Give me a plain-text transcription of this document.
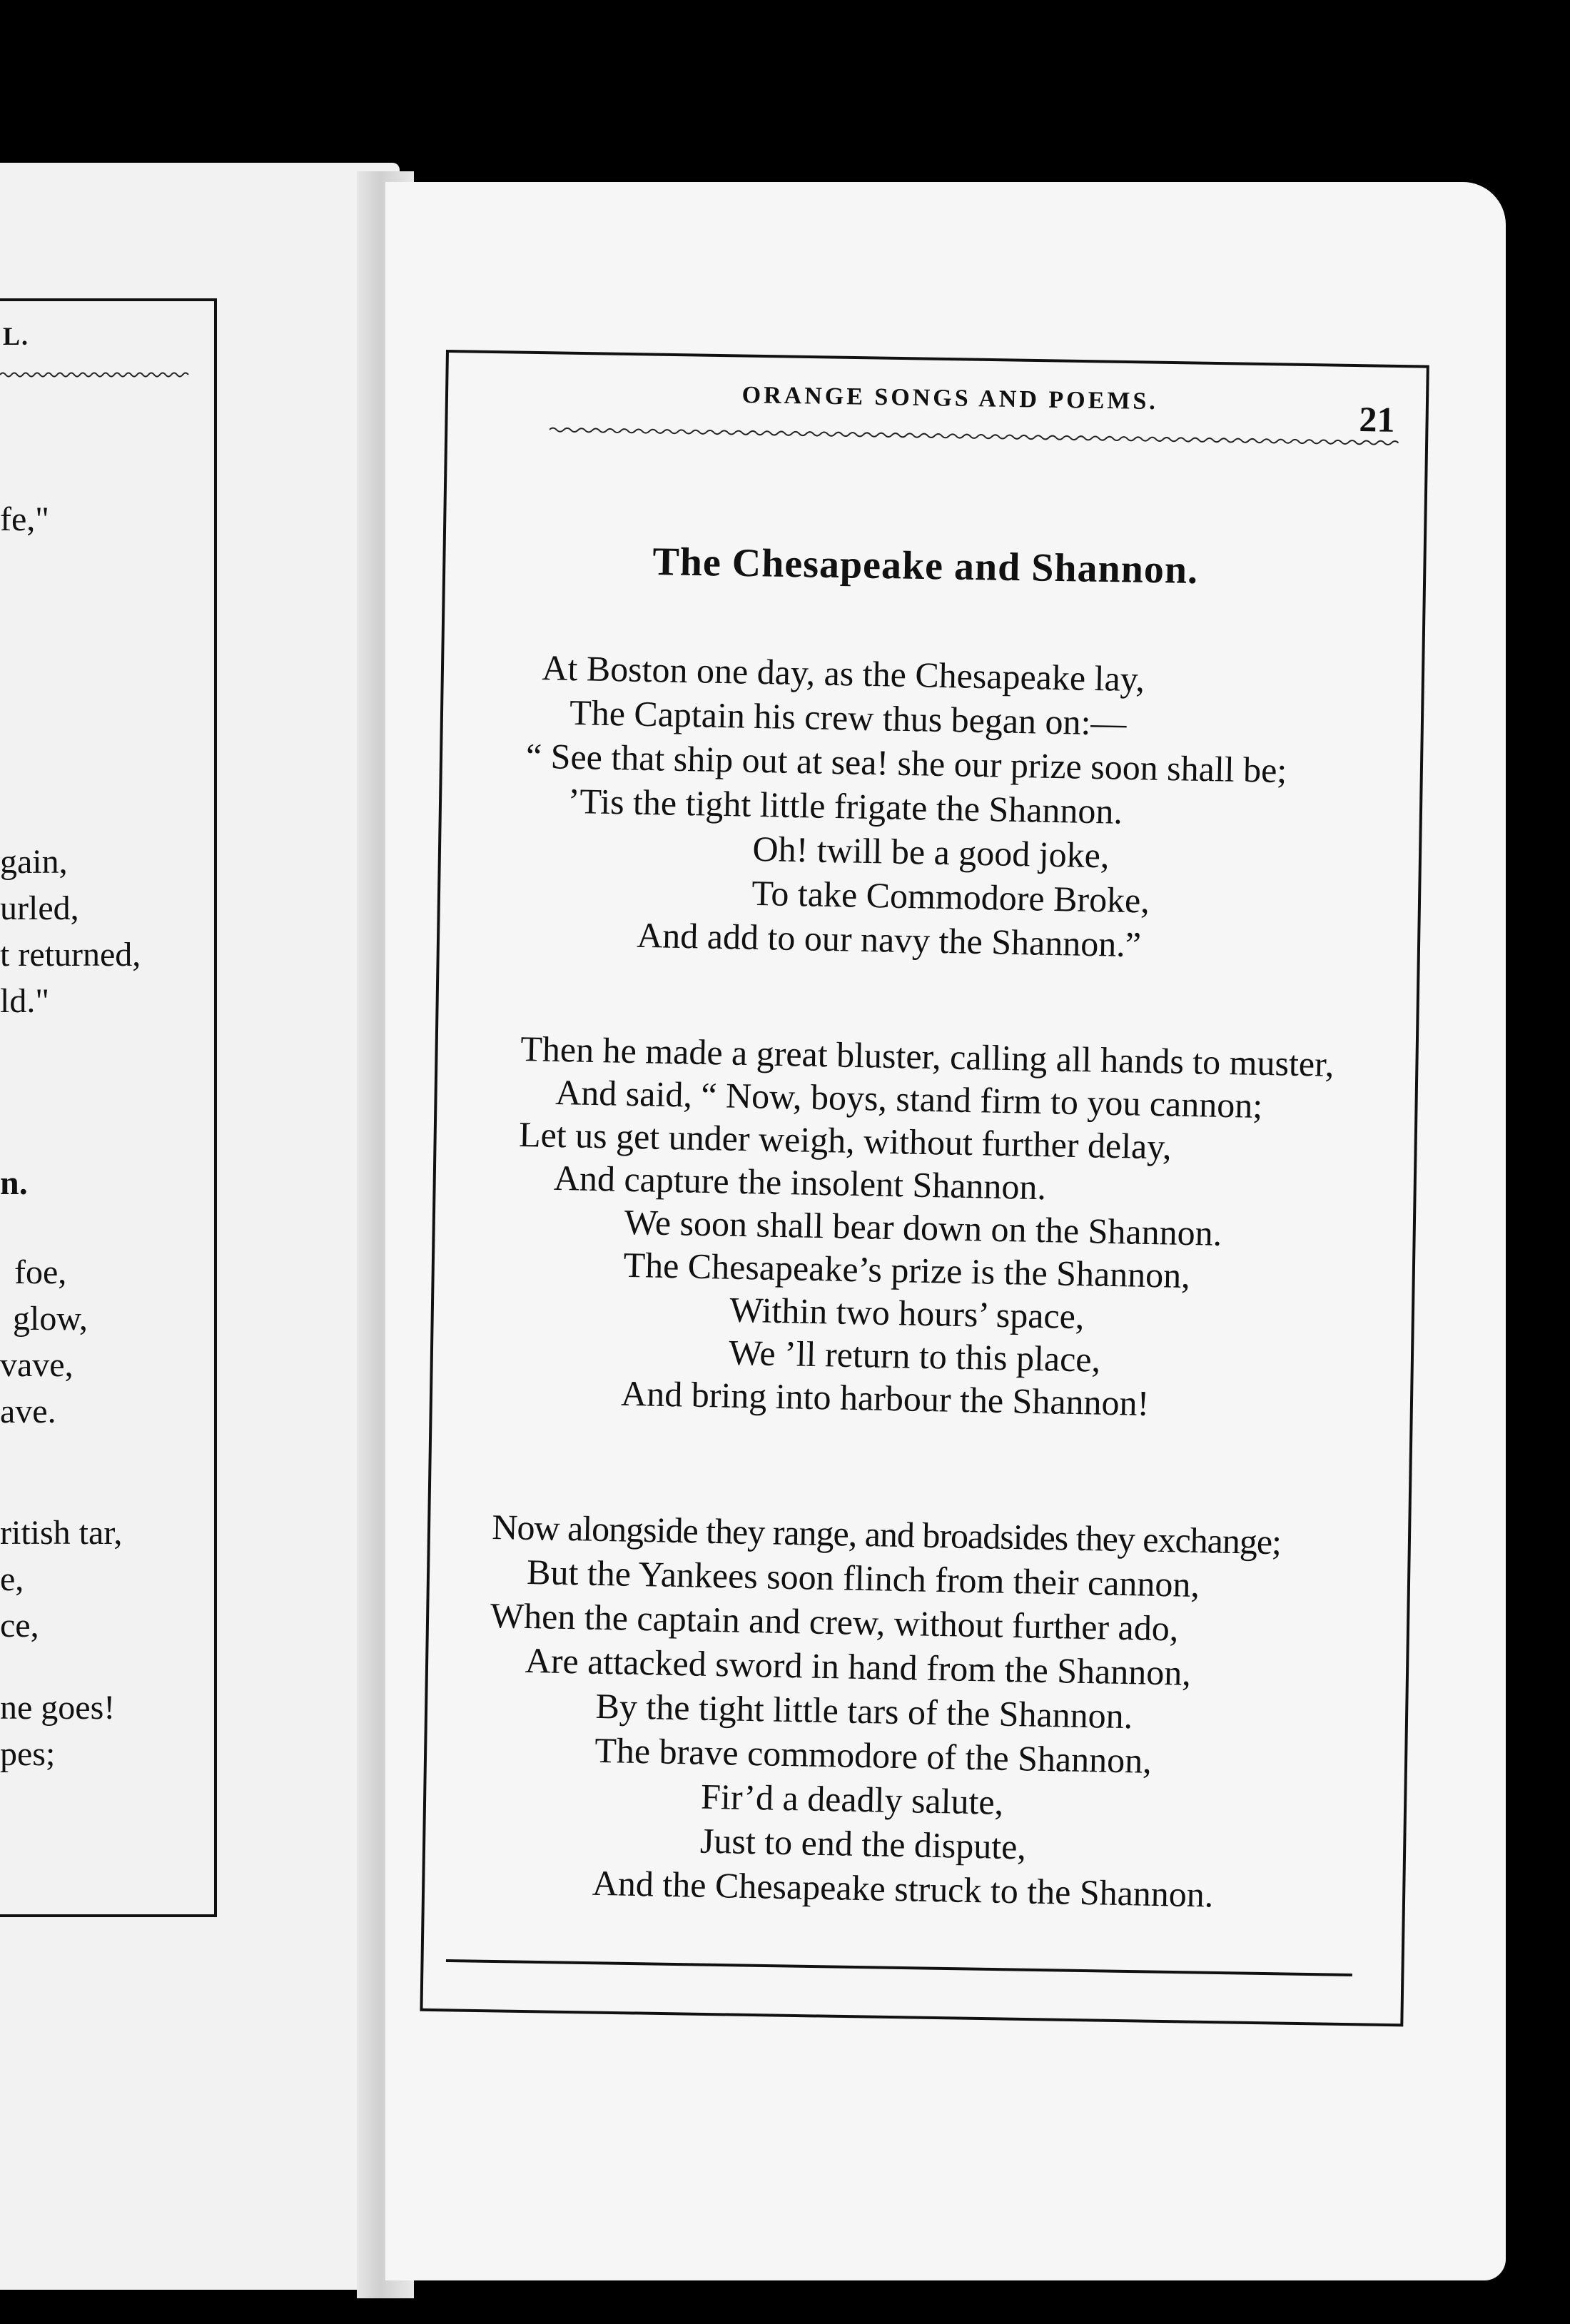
L.
fe,"
gain,
urled,
t returned,
ld."
n.
foe,
glow,
vave,
ave.
ritish tar,
e,
ce,
ne goes!
pes;
ORANGE SONGS AND POEMS.
21
The Chesapeake and Shannon.
At Boston one day, as the Chesapeake lay,
The Captain his crew thus began on:—
“ See that ship out at sea! she our prize soon shall be;
’Tis the tight little frigate the Shannon.
Oh! twill be a good joke,
To take Commodore Broke,
And add to our navy the Shannon.”
Then he made a great bluster, calling all hands to muster,
And said, “ Now, boys, stand firm to you cannon;
Let us get under weigh, without further delay,
And capture the insolent Shannon.
We soon shall bear down on the Shannon.
The Chesapeake’s prize is the Shannon,
Within two hours’ space,
We ’ll return to this place,
And bring into harbour the Shannon!
Now alongside they range, and broadsides they exchange;
But the Yankees soon flinch from their cannon,
When the captain and crew, without further ado,
Are attacked sword in hand from the Shannon,
By the tight little tars of the Shannon.
The brave commodore of the Shannon,
Fir’d a deadly salute,
Just to end the dispute,
And the Chesapeake struck to the Shannon.
